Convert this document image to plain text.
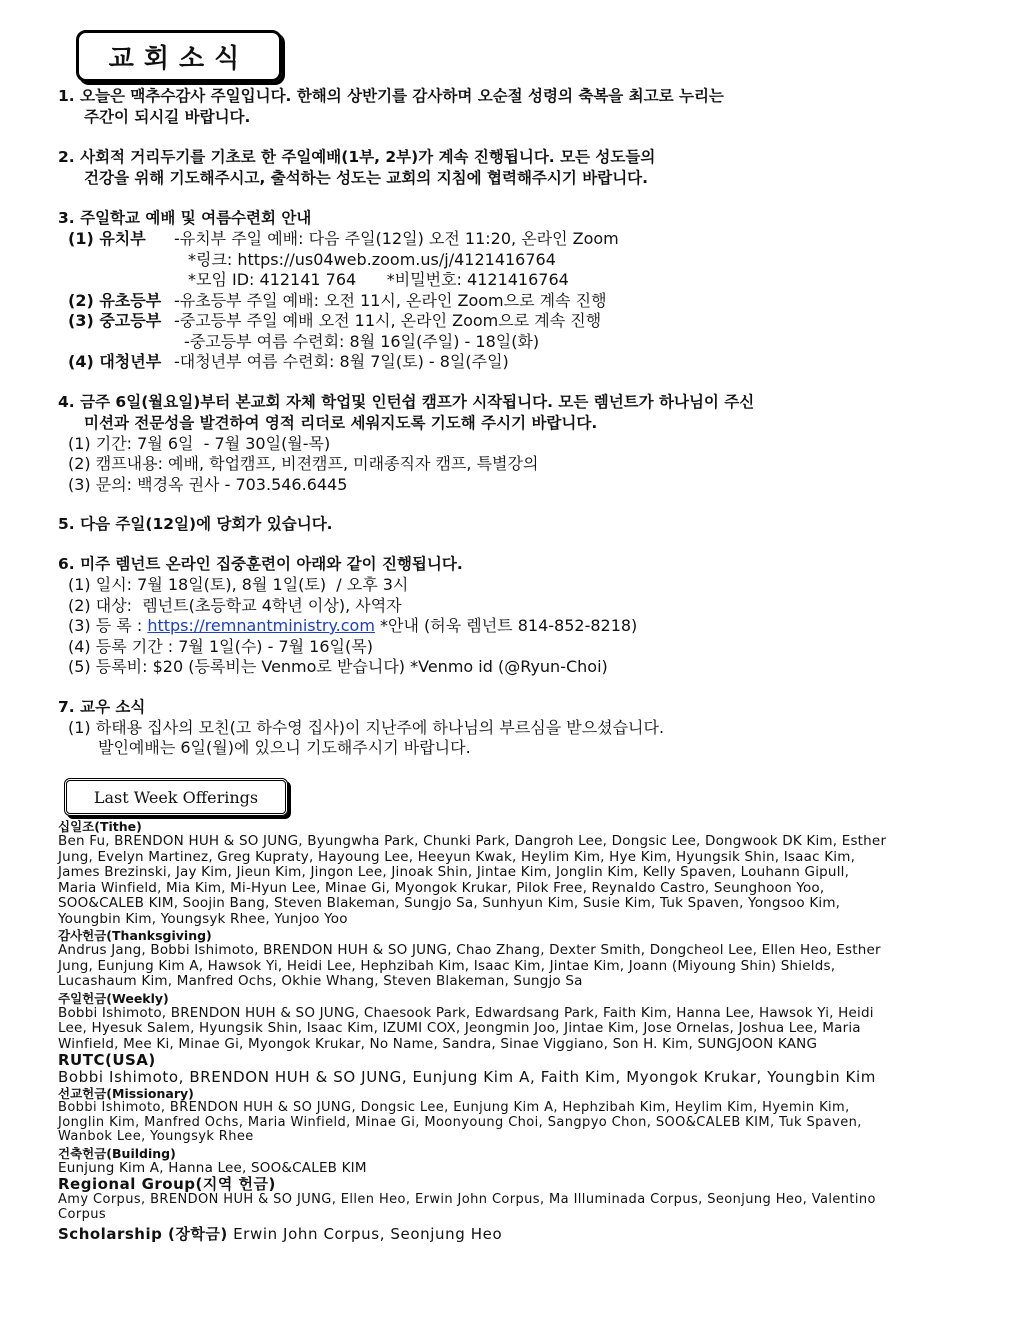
교회소식
1. 오늘은 맥추수감사 주일입니다. 한해의 상반기를 감사하며 오순절 성령의 축복을 최고로 누리는
주간이 되시길 바랍니다.
2. 사회적 거리두기를 기초로 한 주일예배(1부, 2부)가 계속 진행됩니다. 모든 성도들의
건강을 위해 기도해주시고, 출석하는 성도는 교회의 지침에 협력해주시기 바랍니다.
3. 주일학교 예배 및 여름수련회 안내
(1) 유치부	-유치부 주일 예배: 다음 주일(12일) 오전 11:20, 온라인 Zoom
*링크: https://us04web.zoom.us/j/4121416764
*모임 ID: 412141 764      *비밀번호: 4121416764
(2) 유초등부 -유초등부 주일 예배: 오전 11시, 온라인 Zoom으로 계속 진행
(3) 중고등부 -중고등부 주일 예배 오전 11시, 온라인 Zoom으로 계속 진행
-중고등부 여름 수련회: 8월 16일(주일) - 18일(화)
(4) 대청년부 -대청년부 여름 수련회: 8월 7일(토) - 8일(주일)
4. 금주 6일(월요일)부터 본교회 자체 학업및 인턴쉽 캠프가 시작됩니다. 모든 렘넌트가 하나님이 주신
미션과 전문성을 발견하여 영적 리더로 세워지도록 기도해 주시기 바랍니다.
(1) 기간: 7월 6일  - 7월 30일(월-목)
(2) 캠프내용: 예배, 학업캠프, 비젼캠프, 미래종직자 캠프, 특별강의
(3) 문의: 백경옥 권사 - 703.546.6445
5. 다음 주일(12일)에 당회가 있습니다.
6. 미주 렘넌트 온라인 집중훈련이 아래와 같이 진행됩니다.
(1) 일시: 7월 18일(토), 8월 1일(토)  / 오후 3시
(2) 대상:  렘넌트(초등학교 4학년 이상), 사역자
(3) 등 록 : https://remnantministry.com *안내 (허욱 렘넌트 814-852-8218)
(4) 등록 기간 : 7월 1일(수) - 7월 16일(목)
(5) 등록비: $20 (등록비는 Venmo로 받습니다) *Venmo id (@Ryun-Choi)
7. 교우 소식
(1) 하태용 집사의 모친(고 하수영 집사)이 지난주에 하나님의 부르심을 받으셨습니다.
발인예배는 6일(월)에 있으니 기도해주시기 바랍니다.
Last Week Offerings
십일조(Tithe)
Ben Fu, BRENDON HUH & SO JUNG, Byungwha Park, Chunki Park, Dangroh Lee, Dongsic Lee, Dongwook DK Kim, Esther Jung, Evelyn Martinez, Greg Kupraty, Hayoung Lee, Heeyun Kwak, Heylim Kim, Hye Kim, Hyungsik Shin, Isaac Kim, James Brezinski, Jay Kim, Jieun Kim, Jingon Lee, Jinoak Shin, Jintae Kim, Jonglin Kim, Kelly Spaven, Louhann Gipull, Maria Winfield, Mia Kim, Mi-Hyun Lee, Minae Gi, Myongok Krukar, Pilok Free, Reynaldo Castro, Seunghoon Yoo, SOO&CALEB KIM, Soojin Bang, Steven Blakeman, Sungjo Sa, Sunhyun Kim, Susie Kim, Tuk Spaven, Yongsoo Kim, Youngbin Kim, Youngsyk Rhee, Yunjoo Yoo
감사헌금(Thanksgiving)
Andrus Jang, Bobbi Ishimoto, BRENDON HUH & SO JUNG, Chao Zhang, Dexter Smith, Dongcheol Lee, Ellen Heo, Esther Jung, Eunjung Kim A, Hawsok Yi, Heidi Lee, Hephzibah Kim, Isaac Kim, Jintae Kim, Joann (Miyoung Shin) Shields, Lucashaum Kim, Manfred Ochs, Okhie Whang, Steven Blakeman, Sungjo Sa
주일헌금(Weekly)
Bobbi Ishimoto, BRENDON HUH & SO JUNG, Chaesook Park, Edwardsang Park, Faith Kim, Hanna Lee, Hawsok Yi, Heidi Lee, Hyesuk Salem, Hyungsik Shin, Isaac Kim, IZUMI COX, Jeongmin Joo, Jintae Kim, Jose Ornelas, Joshua Lee, Maria Winfield, Mee Ki, Minae Gi, Myongok Krukar, No Name, Sandra, Sinae Viggiano, Son H. Kim, SUNGJOON KANG
RUTC(USA)
Bobbi Ishimoto, BRENDON HUH & SO JUNG, Eunjung Kim A, Faith Kim, Myongok Krukar, Youngbin Kim
선교헌금(Missionary)
Bobbi Ishimoto, BRENDON HUH & SO JUNG, Dongsic Lee, Eunjung Kim A, Hephzibah Kim, Heylim Kim, Hyemin Kim, Jonglin Kim, Manfred Ochs, Maria Winfield, Minae Gi, Moonyoung Choi, Sangpyo Chon, SOO&CALEB KIM, Tuk Spaven, Wanbok Lee, Youngsyk Rhee
건축헌금(Building)
Eunjung Kim A, Hanna Lee, SOO&CALEB KIM
Regional Group(지역 헌금)
Amy Corpus, BRENDON HUH & SO JUNG, Ellen Heo, Erwin John Corpus, Ma Illuminada Corpus, Seonjung Heo, Valentino Corpus
Scholarship (장학금) Erwin John Corpus, Seonjung Heo
